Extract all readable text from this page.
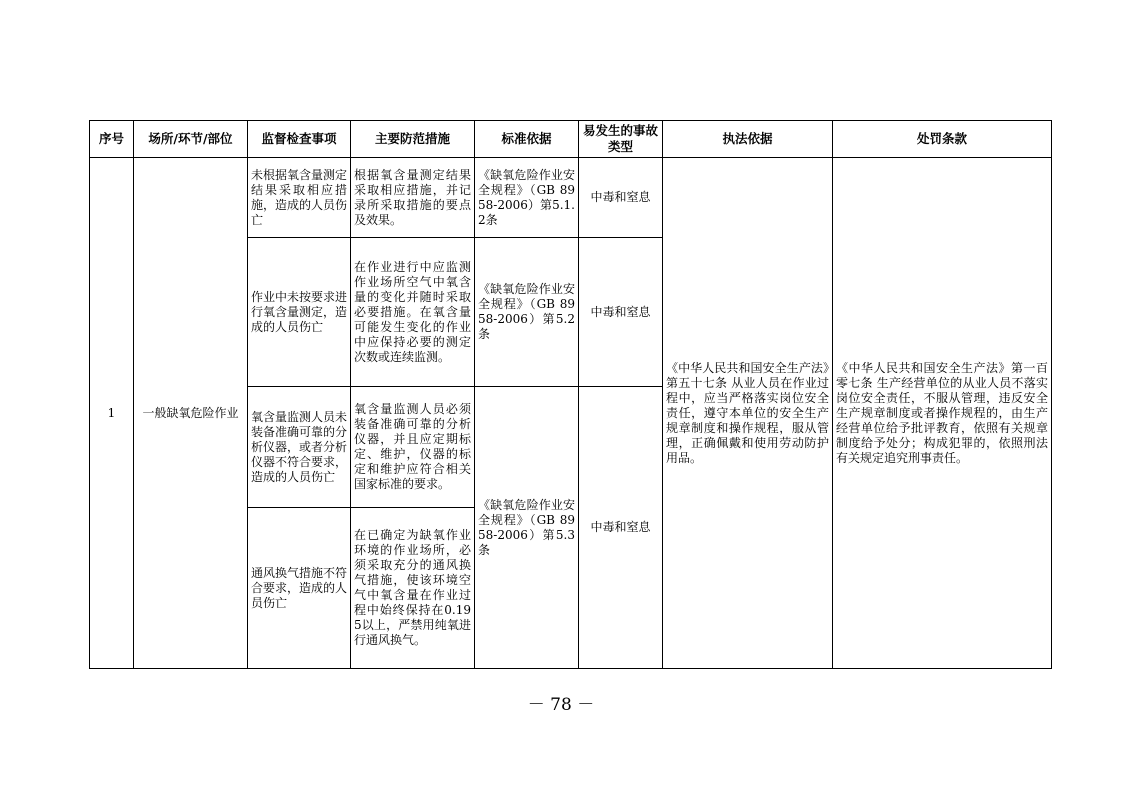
序号	场所/环节/部位	监督检查事项	主要防范措施	标准依据	易发生的事故类型	执法依据	处罚条款
1	一般缺氧危险作业	未根据氧含量测定结果采取相应措施，造成的人员伤亡	根据氧含量测定结果采取相应措施，并记录所采取措施的要点及效果。	《缺氧危险作业安全规程》（GB 8958-2006）第5.1.2条	中毒和窒息	《中华人民共和国安全生产法》第五十七条 从业人员在作业过程中，应当严格落实岗位安全责任，遵守本单位的安全生产规章制度和操作规程，服从管理，正确佩戴和使用劳动防护用品。	《中华人民共和国安全生产法》第一百零七条 生产经营单位的从业人员不落实岗位安全责任，不服从管理，违反安全生产规章制度或者操作规程的，由生产经营单位给予批评教育，依照有关规章制度给予处分；构成犯罪的，依照刑法有关规定追究刑事责任。
		作业中未按要求进行氧含量测定，造成的人员伤亡	在作业进行中应监测作业场所空气中氧含量的变化并随时采取必要措施。在氧含量可能发生变化的作业中应保持必要的测定次数或连续监测。	《缺氧危险作业安全规程》（GB 8958-2006）第5.2条	中毒和窒息		
		氧含量监测人员未装备准确可靠的分析仪器，或者分析仪器不符合要求，造成的人员伤亡	氧含量监测人员必须装备准确可靠的分析仪器，并且应定期标定、维护，仪器的标定和维护应符合相关国家标准的要求。	《缺氧危险作业安全规程》（GB 8958-2006）第5.3条	中毒和窒息		
		通风换气措施不符合要求，造成的人员伤亡	在已确定为缺氧作业环境的作业场所，必须采取充分的通风换气措施，使该环境空气中氧含量在作业过程中始终保持在0.195以上，严禁用纯氧进行通风换气。				
－ 78 －
